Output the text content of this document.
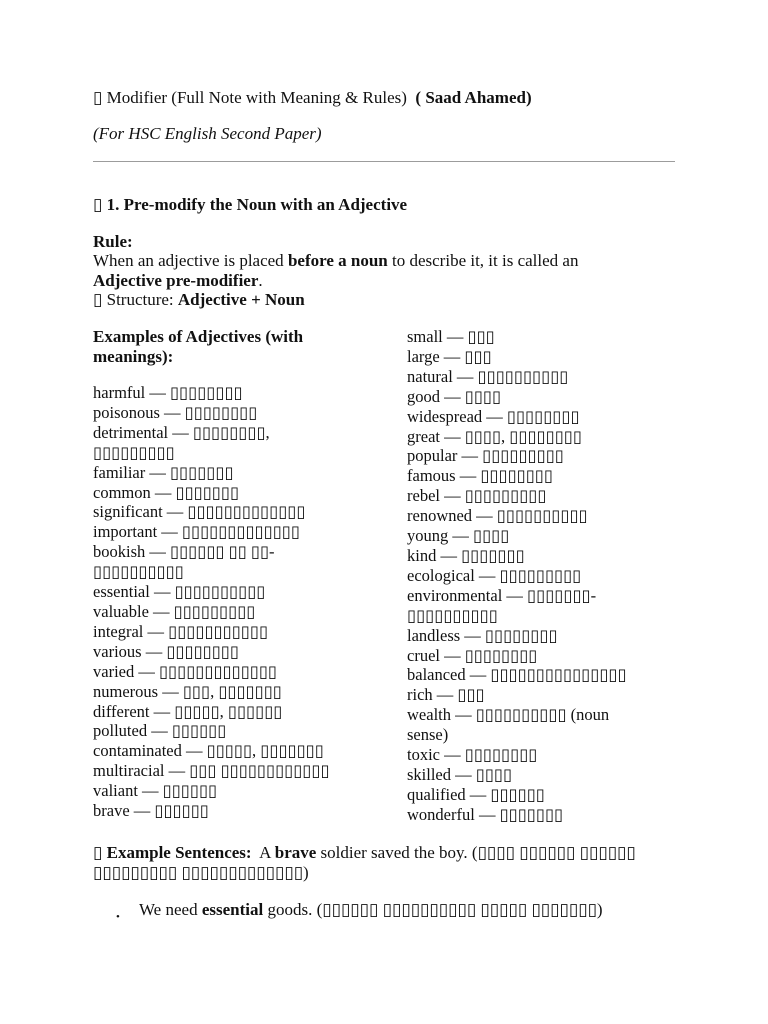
▯ Modifier (Full Note with Meaning & Rules) ( Saad Ahamed)
(For HSC English Second Paper)
▯ 1. Pre-modify the Noun with an Adjective
Rule:
When an adjective is placed before a noun to describe it, it is called an
Adjective pre-modifier.
▯ Structure: Adjective + Noun
Examples of Adjectives (with
meanings):
harmful — ▯▯▯▯▯▯▯▯
poisonous — ▯▯▯▯▯▯▯▯
detrimental — ▯▯▯▯▯▯▯▯,
▯▯▯▯▯▯▯▯▯
familiar — ▯▯▯▯▯▯▯
common — ▯▯▯▯▯▯▯
significant — ▯▯▯▯▯▯▯▯▯▯▯▯▯
important — ▯▯▯▯▯▯▯▯▯▯▯▯▯
bookish — ▯▯▯▯▯▯ ▯▯ ▯▯-
▯▯▯▯▯▯▯▯▯▯
essential — ▯▯▯▯▯▯▯▯▯▯
valuable — ▯▯▯▯▯▯▯▯▯
integral — ▯▯▯▯▯▯▯▯▯▯▯
various — ▯▯▯▯▯▯▯▯
varied — ▯▯▯▯▯▯▯▯▯▯▯▯▯
numerous — ▯▯▯, ▯▯▯▯▯▯▯
different — ▯▯▯▯▯, ▯▯▯▯▯▯
polluted — ▯▯▯▯▯▯
contaminated — ▯▯▯▯▯, ▯▯▯▯▯▯▯
multiracial — ▯▯▯ ▯▯▯▯▯▯▯▯▯▯▯▯
valiant — ▯▯▯▯▯▯
brave — ▯▯▯▯▯▯
small — ▯▯▯
large — ▯▯▯
natural — ▯▯▯▯▯▯▯▯▯▯
good — ▯▯▯▯
widespread — ▯▯▯▯▯▯▯▯
great — ▯▯▯▯, ▯▯▯▯▯▯▯▯
popular — ▯▯▯▯▯▯▯▯▯
famous — ▯▯▯▯▯▯▯▯
rebel — ▯▯▯▯▯▯▯▯▯
renowned — ▯▯▯▯▯▯▯▯▯▯
young — ▯▯▯▯
kind — ▯▯▯▯▯▯▯
ecological — ▯▯▯▯▯▯▯▯▯
environmental — ▯▯▯▯▯▯▯-
▯▯▯▯▯▯▯▯▯▯
landless — ▯▯▯▯▯▯▯▯
cruel — ▯▯▯▯▯▯▯▯
balanced — ▯▯▯▯▯▯▯▯▯▯▯▯▯▯▯
rich — ▯▯▯
wealth — ▯▯▯▯▯▯▯▯▯▯ (noun
sense)
toxic — ▯▯▯▯▯▯▯▯
skilled — ▯▯▯▯
qualified — ▯▯▯▯▯▯
wonderful — ▯▯▯▯▯▯▯
▯ Example Sentences:  A brave soldier saved the boy. (▯▯▯▯ ▯▯▯▯▯▯ ▯▯▯▯▯▯
▯▯▯▯▯▯▯▯▯ ▯▯▯▯▯▯▯▯▯▯▯▯▯)
• We need essential goods. (▯▯▯▯▯▯ ▯▯▯▯▯▯▯▯▯▯ ▯▯▯▯▯ ▯▯▯▯▯▯▯)
